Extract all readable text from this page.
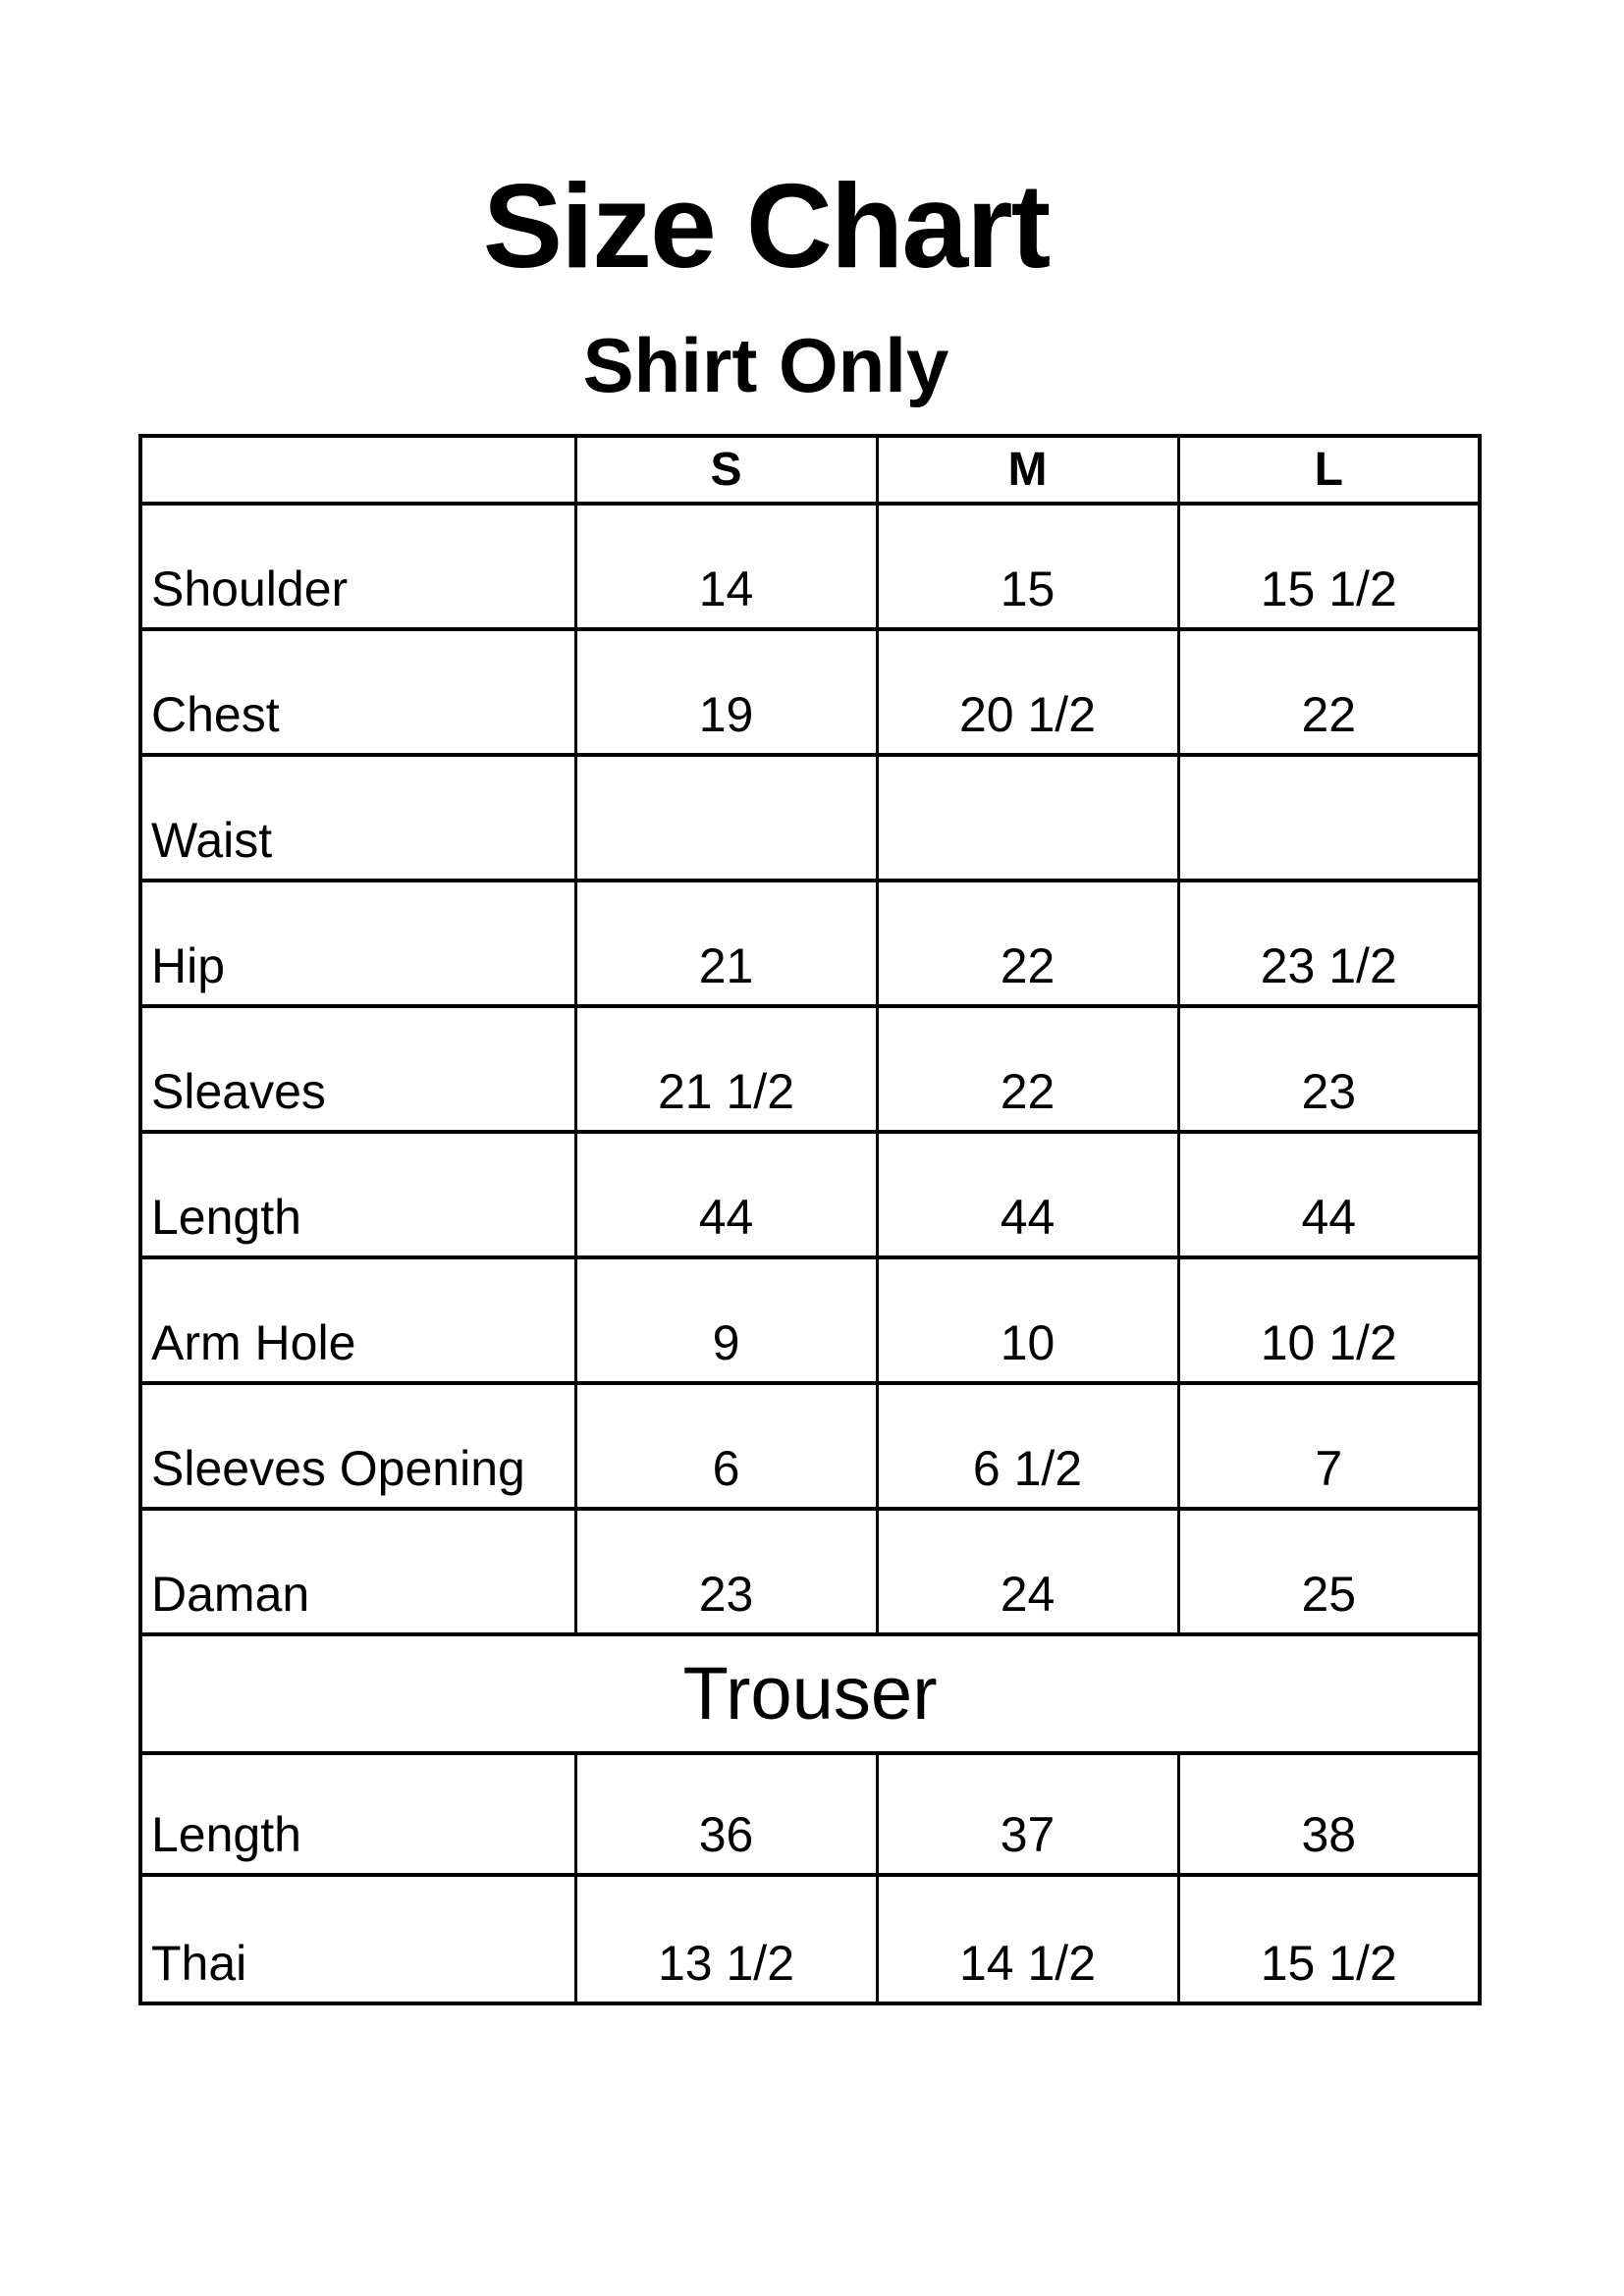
Size Chart
Shirt Only
	S	M	L
Shoulder	14	15	15 1/2
Chest	19	20 1/2	22
Waist			
Hip	21	22	23 1/2
Sleaves	21 1/2	22	23
Length	44	44	44
Arm Hole	9	10	10 1/2
Sleeves Opening	6	6 1/2	7
Daman	23	24	25
Trouser			
Length	36	37	38
Thai	13 1/2	14 1/2	15 1/2
